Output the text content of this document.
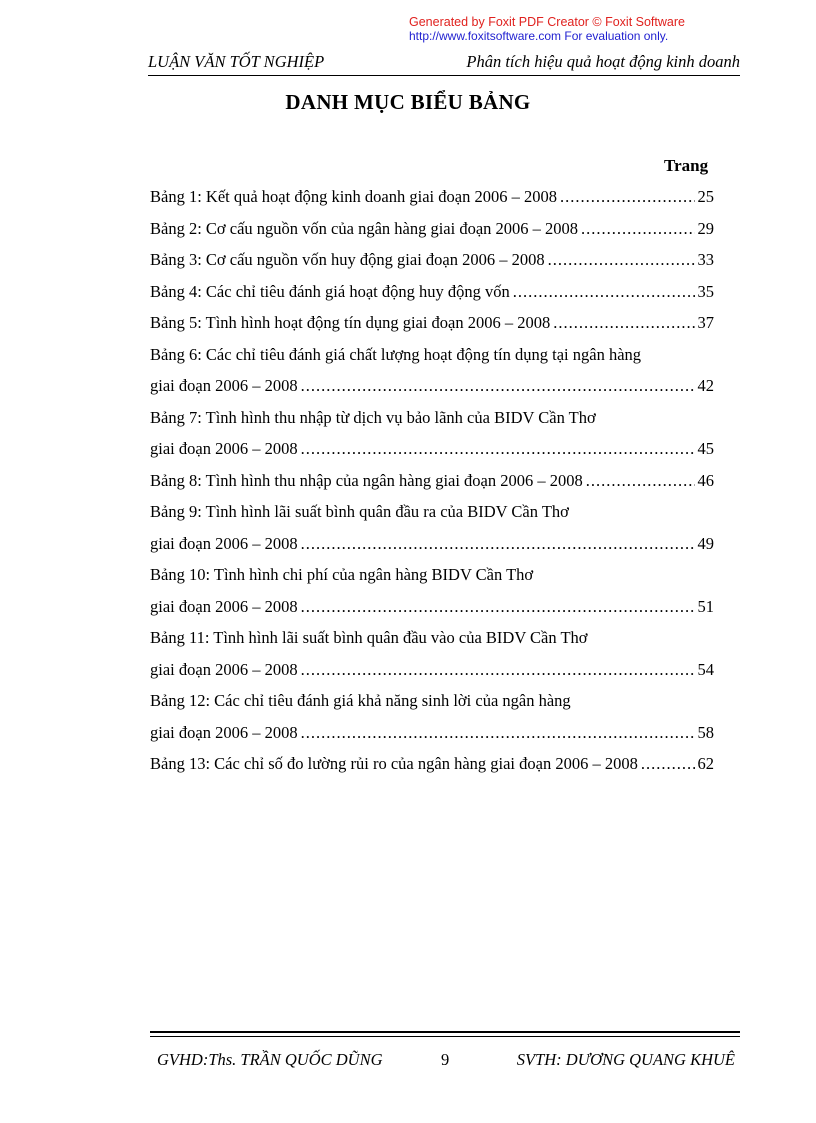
Generated by Foxit PDF Creator © Foxit Software
http://www.foxitsoftware.com For evaluation only.
LUẬN VĂN TỐT NGHIỆP	Phân tích hiệu quả hoạt động kinh doanh
DANH MỤC BIỂU BẢNG
Trang
Bảng 1: Kết quả hoạt động kinh doanh giai đoạn 2006 – 2008 .....	25
Bảng 2: Cơ cấu nguồn vốn của ngân hàng giai đoạn 2006 – 2008 .....	29
Bảng 3: Cơ cấu nguồn vốn huy động giai đoạn 2006 – 2008 .....	33
Bảng 4: Các chỉ tiêu đánh giá hoạt động huy động vốn .....	35
Bảng 5: Tình hình hoạt động tín dụng giai đoạn 2006 – 2008 .....	37
Bảng 6: Các chỉ tiêu đánh giá chất lượng hoạt động tín dụng tại ngân hàng
giai đoạn 2006 – 2008 .....	42
Bảng 7: Tình hình thu nhập từ dịch vụ bảo lãnh của BIDV Cần Thơ
giai đoạn 2006 – 2008 .....	45
Bảng 8: Tình hình thu nhập của ngân hàng giai đoạn 2006 – 2008 .....	46
Bảng 9: Tình hình lãi suất bình quân đầu ra của BIDV Cần Thơ
giai đoạn 2006 – 2008 .....	49
Bảng 10: Tình hình chi phí của ngân hàng BIDV Cần Thơ
giai đoạn 2006 – 2008 .....	51
Bảng 11: Tình hình lãi suất bình quân đầu vào của BIDV Cần Thơ
giai đoạn 2006 – 2008 .....	54
Bảng 12: Các chỉ tiêu đánh giá khả năng sinh lời của ngân hàng
giai đoạn 2006 – 2008 .....	58
Bảng 13: Các chỉ số đo lường rủi ro của ngân hàng giai đoạn 2006 – 2008 .....	62
GVHD:Ths. TRẦN QUỐC DŨNG	9	SVTH: DƯƠNG QUANG KHUÊ
